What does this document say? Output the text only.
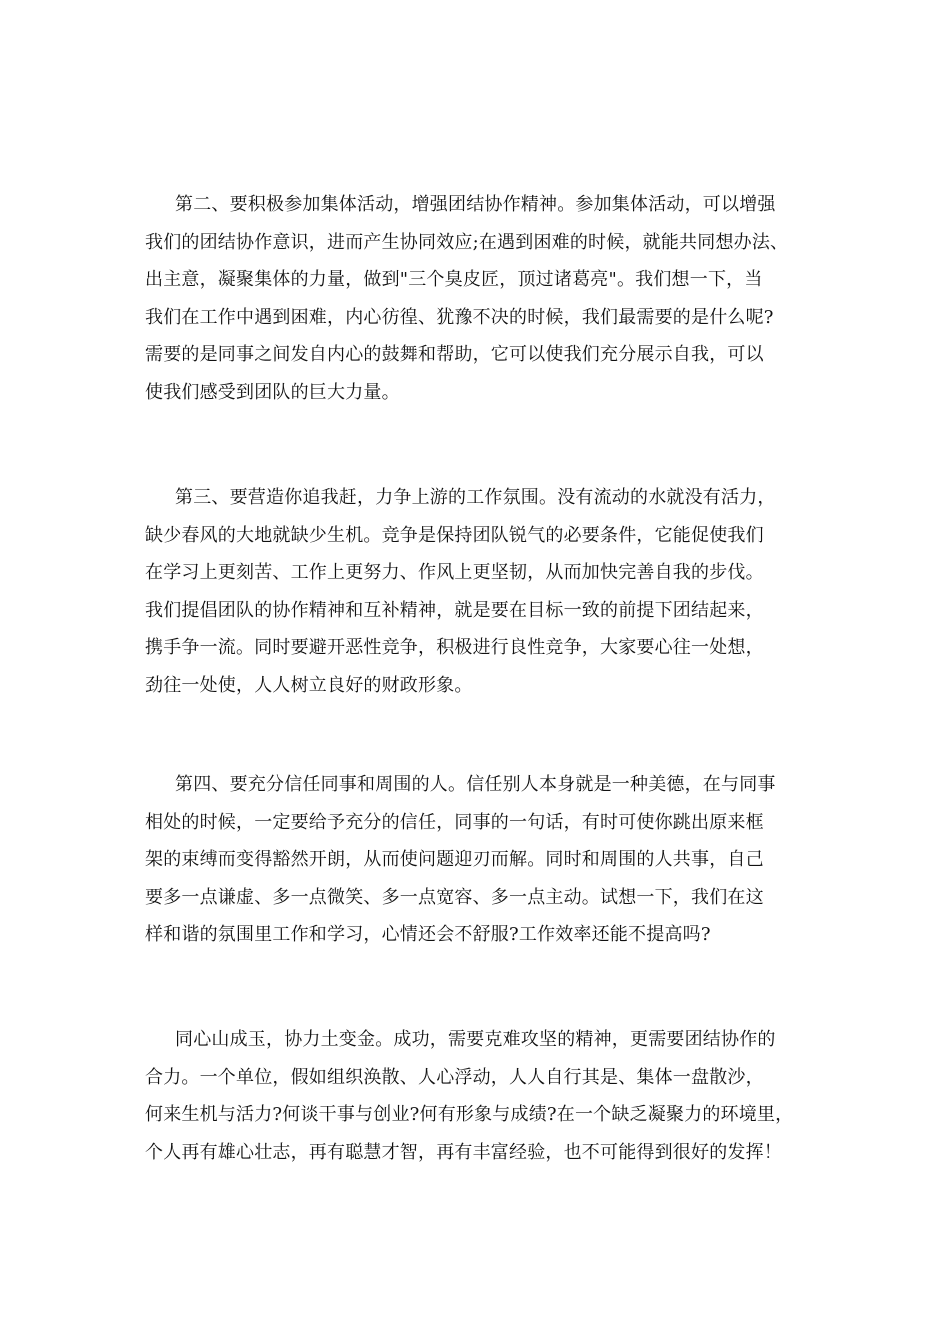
第二、要积极参加集体活动，增强团结协作精神。参加集体活动，可以增强
我们的团结协作意识，进而产生协同效应;在遇到困难的时候，就能共同想办法、
出主意，凝聚集体的力量，做到"三个臭皮匠，顶过诸葛亮"。我们想一下，当
我们在工作中遇到困难，内心彷徨、犹豫不决的时候，我们最需要的是什么呢?
需要的是同事之间发自内心的鼓舞和帮助，它可以使我们充分展示自我，可以
使我们感受到团队的巨大力量。
第三、要营造你追我赶，力争上游的工作氛围。没有流动的水就没有活力，
缺少春风的大地就缺少生机。竞争是保持团队锐气的必要条件，它能促使我们
在学习上更刻苦、工作上更努力、作风上更坚韧，从而加快完善自我的步伐。
我们提倡团队的协作精神和互补精神，就是要在目标一致的前提下团结起来，
携手争一流。同时要避开恶性竞争，积极进行良性竞争，大家要心往一处想，
劲往一处使，人人树立良好的财政形象。
第四、要充分信任同事和周围的人。信任别人本身就是一种美德，在与同事
相处的时候，一定要给予充分的信任，同事的一句话，有时可使你跳出原来框
架的束缚而变得豁然开朗，从而使问题迎刃而解。同时和周围的人共事，自己
要多一点谦虚、多一点微笑、多一点宽容、多一点主动。试想一下，我们在这
样和谐的氛围里工作和学习，心情还会不舒服?工作效率还能不提高吗?
同心山成玉，协力土变金。成功，需要克难攻坚的精神，更需要团结协作的
合力。一个单位，假如组织涣散、人心浮动，人人自行其是、集体一盘散沙，
何来生机与活力?何谈干事与创业?何有形象与成绩?在一个缺乏凝聚力的环境里，
个人再有雄心壮志，再有聪慧才智，再有丰富经验，也不可能得到很好的发挥！
